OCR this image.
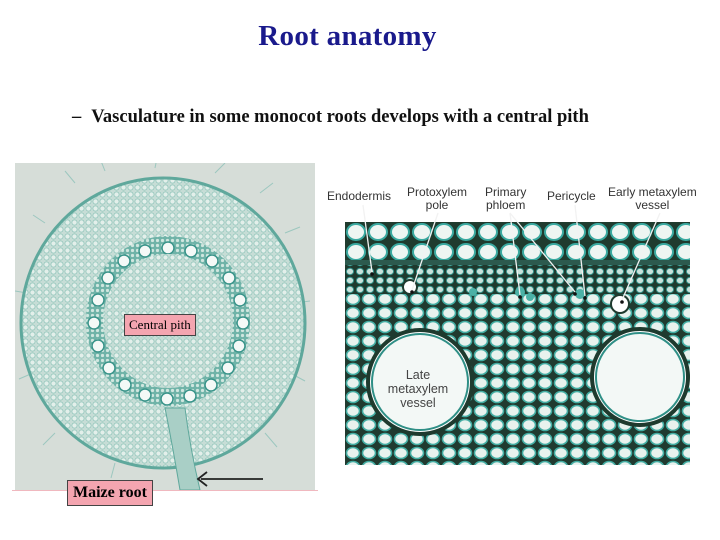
Root anatomy
– Vasculature in some monocot roots develops with a central pith
Central pith
Maize root
Endodermis Protoxylem
pole
Primary
phloem
Pericycle Early metaxylem
vessel
Late
metaxylem
vessel
